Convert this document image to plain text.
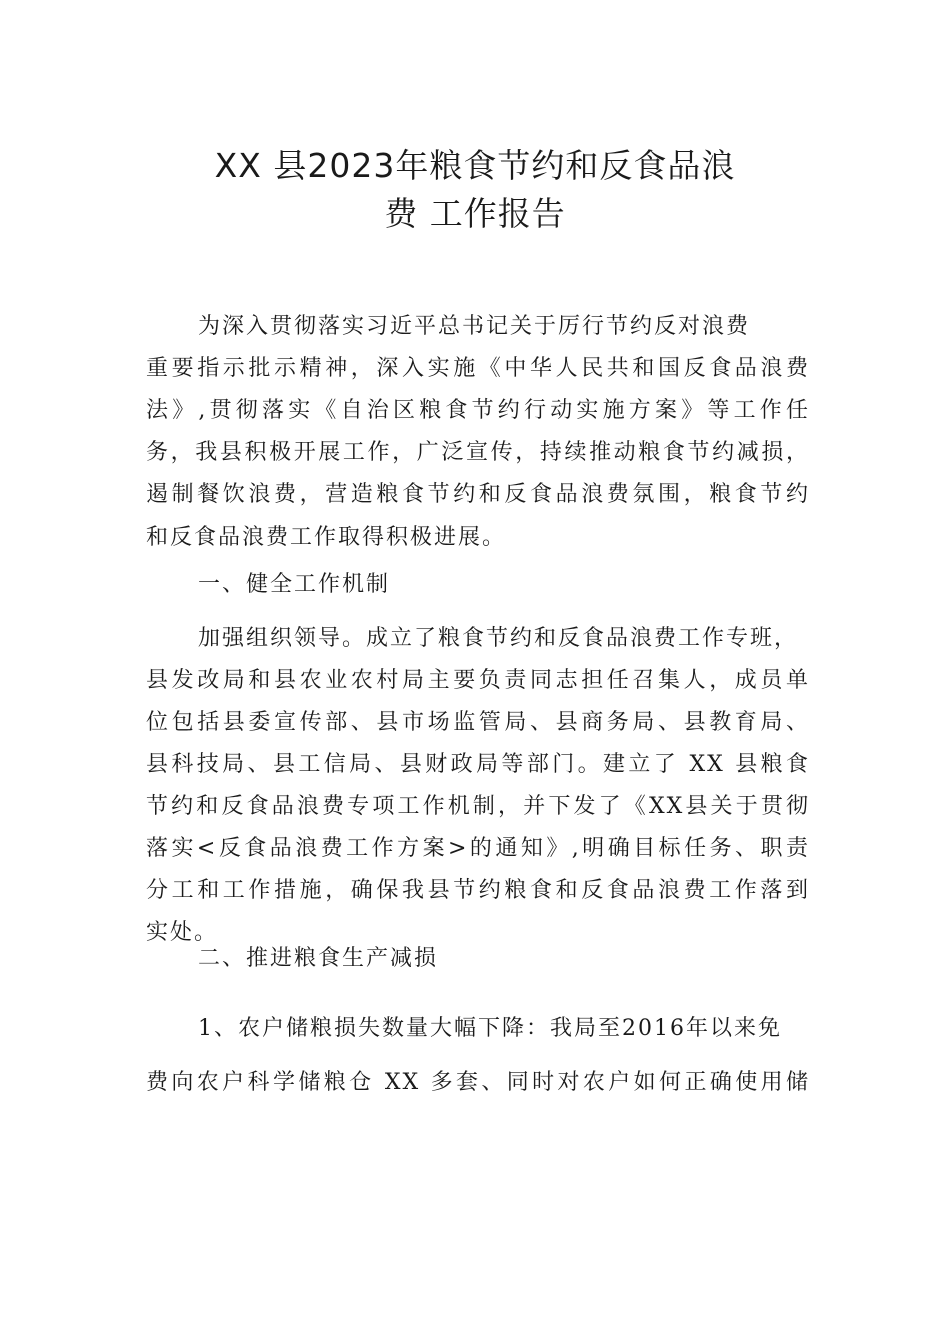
XX 县2023年粮食节约和反食品浪
费 工作报告

为深入贯彻落实习近平总书记关于厉行节约反对浪费

重要指示批示精神，深入实施《中华人民共和国反食品浪费

法》,贯彻落实《自治区粮食节约行动实施方案》等工作任

务，我县积极开展工作，广泛宣传，持续推动粮食节约减损，

遏制餐饮浪费，营造粮食节约和反食品浪费氛围，粮食节约

和反食品浪费工作取得积极进展。

一、健全工作机制

加强组织领导。成立了粮食节约和反食品浪费工作专班，

县发改局和县农业农村局主要负责同志担任召集人，成员单

位包括县委宣传部、县市场监管局、县商务局、县教育局、

县科技局、县工信局、县财政局等部门。建立了 XX 县粮食

节约和反食品浪费专项工作机制，并下发了《XX县关于贯彻

落实<反食品浪费工作方案>的通知》,明确目标任务、职责

分工和工作措施，确保我县节约粮食和反食品浪费工作落到

实处。

二、推进粮食生产减损

1、农户储粮损失数量大幅下降：我局至2016年以来免

费向农户科学储粮仓 XX 多套、同时对农户如何正确使用储
